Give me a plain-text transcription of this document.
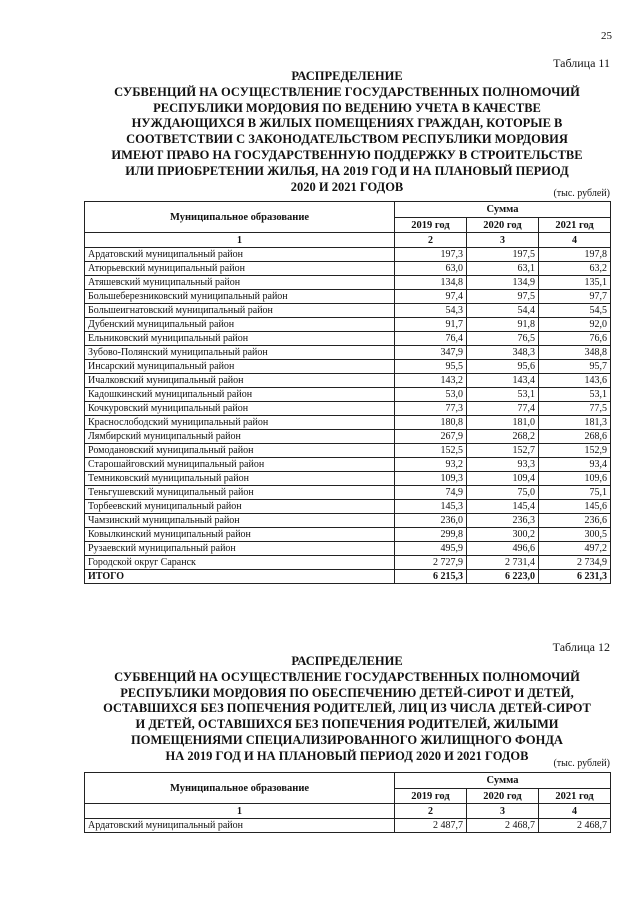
25
Таблица 11
РАСПРЕДЕЛЕНИЕ
СУБВЕНЦИЙ НА ОСУЩЕСТВЛЕНИЕ ГОСУДАРСТВЕННЫХ ПОЛНОМОЧИЙ
РЕСПУБЛИКИ МОРДОВИЯ ПО ВЕДЕНИЮ УЧЕТА В КАЧЕСТВЕ
НУЖДАЮЩИХСЯ В ЖИЛЫХ ПОМЕЩЕНИЯХ ГРАЖДАН, КОТОРЫЕ В
СООТВЕТСТВИИ С ЗАКОНОДАТЕЛЬСТВОМ РЕСПУБЛИКИ МОРДОВИЯ
ИМЕЮТ ПРАВО НА ГОСУДАРСТВЕННУЮ ПОДДЕРЖКУ В СТРОИТЕЛЬСТВЕ
ИЛИ ПРИОБРЕТЕНИИ ЖИЛЬЯ, НА 2019 ГОД И НА ПЛАНОВЫЙ ПЕРИОД
2020 И 2021 ГОДОВ	(тыс. рублей)
Муниципальное образование	Сумма		
	2019 год	2020 год	2021 год
1	2	3	4
Ардатовский муниципальный район	197,3	197,5	197,8
Атюрьевский муниципальный район	63,0	63,1	63,2
Атяшевский муниципальный район	134,8	134,9	135,1
Большеберезниковский муниципальный район	97,4	97,5	97,7
Большеигнатовский муниципальный район	54,3	54,4	54,5
Дубенский муниципальный район	91,7	91,8	92,0
Ельниковский муниципальный район	76,4	76,5	76,6
Зубово-Полянский муниципальный район	347,9	348,3	348,8
Инсарский муниципальный район	95,5	95,6	95,7
Ичалковский муниципальный район	143,2	143,4	143,6
Кадошкинский муниципальный район	53,0	53,1	53,1
Кочкуровский муниципальный район	77,3	77,4	77,5
Краснослободский муниципальный район	180,8	181,0	181,3
Лямбирский муниципальный район	267,9	268,2	268,6
Ромодановский муниципальный район	152,5	152,7	152,9
Старошайговский муниципальный район	93,2	93,3	93,4
Темниковский муниципальный район	109,3	109,4	109,6
Теньгушевский муниципальный район	74,9	75,0	75,1
Торбеевский муниципальный район	145,3	145,4	145,6
Чамзинский муниципальный район	236,0	236,3	236,6
Ковылкинский муниципальный район	299,8	300,2	300,5
Рузаевский муниципальный район	495,9	496,6	497,2
Городской округ Саранск	2 727,9	2 731,4	2 734,9
ИТОГО	6 215,3	6 223,0	6 231,3
Таблица 12
РАСПРЕДЕЛЕНИЕ
СУБВЕНЦИЙ НА ОСУЩЕСТВЛЕНИЕ ГОСУДАРСТВЕННЫХ ПОЛНОМОЧИЙ
РЕСПУБЛИКИ МОРДОВИЯ ПО ОБЕСПЕЧЕНИЮ ДЕТЕЙ-СИРОТ И ДЕТЕЙ,
ОСТАВШИХСЯ БЕЗ ПОПЕЧЕНИЯ РОДИТЕЛЕЙ, ЛИЦ ИЗ ЧИСЛА ДЕТЕЙ-СИРОТ
И ДЕТЕЙ, ОСТАВШИХСЯ БЕЗ ПОПЕЧЕНИЯ РОДИТЕЛЕЙ, ЖИЛЫМИ
ПОМЕЩЕНИЯМИ СПЕЦИАЛИЗИРОВАННОГО ЖИЛИЩНОГО ФОНДА
НА 2019 ГОД И НА ПЛАНОВЫЙ ПЕРИОД 2020 И 2021 ГОДОВ
(тыс. рублей)
Муниципальное образование	Сумма		
	2019 год	2020 год	2021 год
1	2	3	4
Ардатовский муниципальный район	2 487,7	2 468,7	2 468,7
